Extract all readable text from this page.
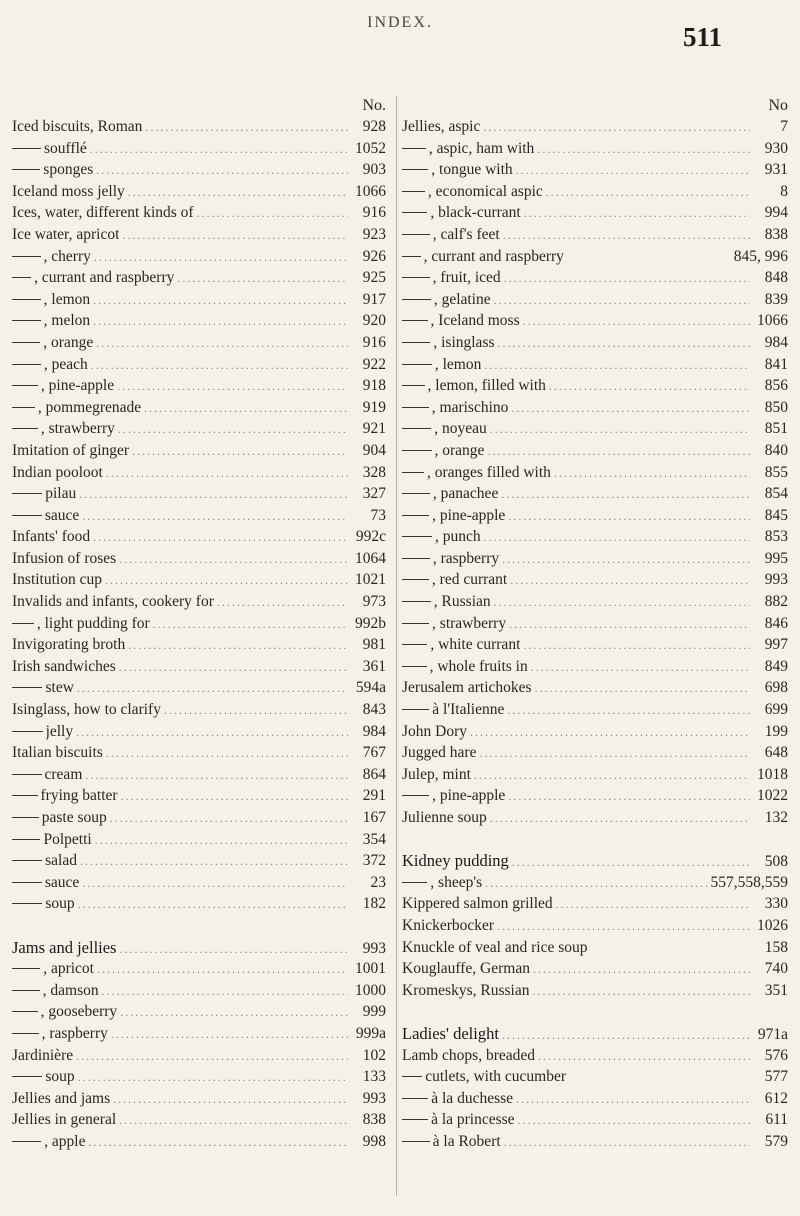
INDEX.	511
No.
Iced biscuits, Roman .....	928
soufflé .....	1052
sponges .....	903
Iceland moss jelly .....	1066
Ices, water, different kinds of .....	916
Ice water, apricot .....	923
, cherry .....	926
, currant and raspberry .....	925
, lemon .....	917
, melon .....	920
, orange .....	916
, peach .....	922
, pine-apple .....	918
, pommegrenade .....	919
, strawberry .....	921
Imitation of ginger .....	904
Indian pooloot .....	328
pilau .....	327
sauce .....	73
Infants' food .....	992c
Infusion of roses .....	1064
Institution cup .....	1021
Invalids and infants, cookery for .....	973
, light pudding for .....	992b
Invigorating broth .....	981
Irish sandwiches .....	361
stew .....	594a
Isinglass, how to clarify .....	843
jelly .....	984
Italian biscuits .....	767
cream .....	864
frying batter .....	291
paste soup .....	167
Polpetti .....	354
salad .....	372
sauce .....	23
soup .....	182
Jams and jellies .....	993
, apricot .....	1001
, damson .....	1000
, gooseberry .....	999
, raspberry .....	999a
Jardinière .....	102
soup .....	133
Jellies and jams .....	993
Jellies in general .....	838
, apple .....	998
No
Jellies, aspic .....	7
, aspic, ham with .....	930
, tongue with .....	931
, economical aspic .....	8
, black-currant .....	994
, calf's feet .....	838
, currant and raspberry	845, 996
, fruit, iced .....	848
, gelatine .....	839
, Iceland moss .....	1066
, isinglass .....	984
, lemon .....	841
, lemon, filled with .....	856
, marischino .....	850
, noyeau .....	851
, orange .....	840
, oranges filled with .....	855
, panachee .....	854
, pine-apple .....	845
, punch .....	853
, raspberry .....	995
, red currant .....	993
, Russian .....	882
, strawberry .....	846
, white currant .....	997
, whole fruits in .....	849
Jerusalem artichokes .....	698
à l'Italienne .....	699
John Dory .....	199
Jugged hare .....	648
Julep, mint .....	1018
, pine-apple .....	1022
Julienne soup .....	132
Kidney pudding .....	508
, sheep's .....	557,558,559
Kippered salmon grilled .....	330
Knickerbocker .....	1026
Knuckle of veal and rice soup	158
Kouglauffe, German .....	740
Kromeskys, Russian .....	351
Ladies' delight .....	971a
Lamb chops, breaded .....	576
cutlets, with cucumber	577
à la duchesse .....	612
à la princesse .....	611
à la Robert .....	579
